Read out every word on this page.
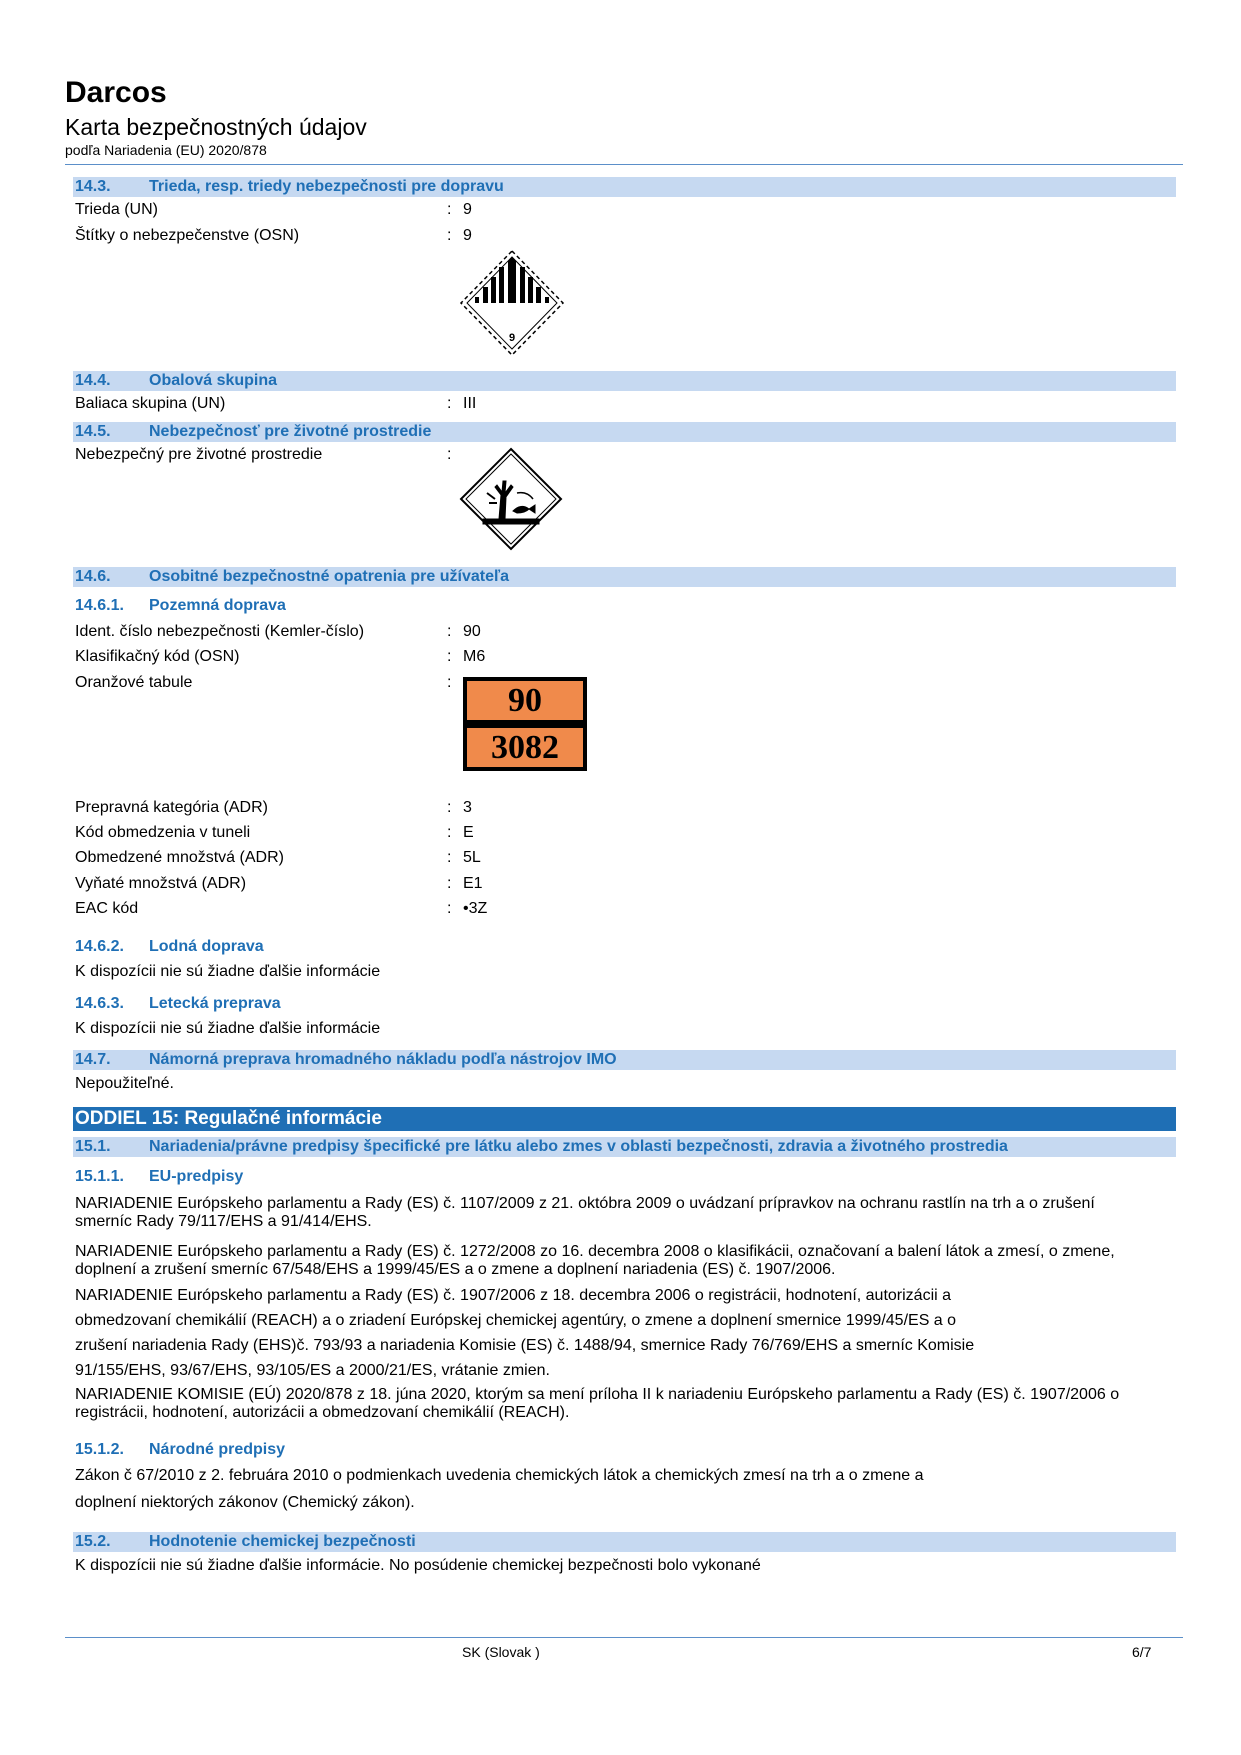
Darcos
Karta bezpečnostných údajov
podľa Nariadenia (EU) 2020/878
14.3. Trieda, resp. triedy nebezpečnosti pre dopravu
Trieda (UN)	: 9
Štítky o nebezpečenstve (OSN)	: 9
9
14.4. Obalová skupina
Baliaca skupina (UN)	: III
14.5. Nebezpečnosť pre životné prostredie
Nebezpečný pre životné prostredie	:
14.6. Osobitné bezpečnostné opatrenia pre užívateľa
14.6.1. Pozemná doprava
Ident. číslo nebezpečnosti (Kemler-číslo)	: 90
Klasifikačný kód (OSN)	: M6
Oranžové tabule	:	90
3082
Prepravná kategória (ADR)	: 3
Kód obmedzenia v tuneli	: E
Obmedzené množstvá (ADR)	: 5L
Vyňaté množstvá (ADR)	: E1
EAC kód	: •3Z
14.6.2. Lodná doprava
K dispozícii nie sú žiadne ďalšie informácie
14.6.3. Letecká preprava
K dispozícii nie sú žiadne ďalšie informácie
14.7. Námorná preprava hromadného nákladu podľa nástrojov IMO
Nepoužiteľné.
ODDIEL 15: Regulačné informácie
15.1. Nariadenia/právne predpisy špecifické pre látku alebo zmes v oblasti bezpečnosti, zdravia a životného prostredia
15.1.1. EU-predpisy
NARIADENIE Európskeho parlamentu a Rady (ES) č. 1107/2009 z 21. októbra 2009 o uvádzaní prípravkov na ochranu rastlín na trh a o zrušení
smerníc Rady 79/117/EHS a 91/414/EHS.
NARIADENIE Európskeho parlamentu a Rady (ES) č. 1272/2008 zo 16. decembra 2008 o klasifikácii, označovaní a balení látok a zmesí, o zmene,
doplnení a zrušení smerníc 67/548/EHS a 1999/45/ES a o zmene a doplnení nariadenia (ES) č. 1907/2006.
NARIADENIE Európskeho parlamentu a Rady (ES) č. 1907/2006 z 18. decembra 2006 o registrácii, hodnotení, autorizácii a
obmedzovaní chemikálií (REACH) a o zriadení Európskej chemickej agentúry, o zmene a doplnení smernice 1999/45/ES a o
zrušení nariadenia Rady (EHS)č. 793/93 a nariadenia Komisie (ES) č. 1488/94, smernice Rady 76/769/EHS a smerníc Komisie
91/155/EHS, 93/67/EHS, 93/105/ES a 2000/21/ES, vrátanie zmien.
NARIADENIE KOMISIE (EÚ) 2020/878 z 18. júna 2020, ktorým sa mení príloha II k nariadeniu Európskeho parlamentu a Rady (ES) č. 1907/2006 o
registrácii, hodnotení, autorizácii a obmedzovaní chemikálií (REACH).
15.1.2. Národné predpisy
Zákon č 67/2010 z 2. februára 2010 o podmienkach uvedenia chemických látok a chemických zmesí na trh a o zmene a
doplnení niektorých zákonov (Chemický zákon).
15.2. Hodnotenie chemickej bezpečnosti
K dispozícii nie sú žiadne ďalšie informácie. No posúdenie chemickej bezpečnosti bolo vykonané
SK (Slovak )	6/7
